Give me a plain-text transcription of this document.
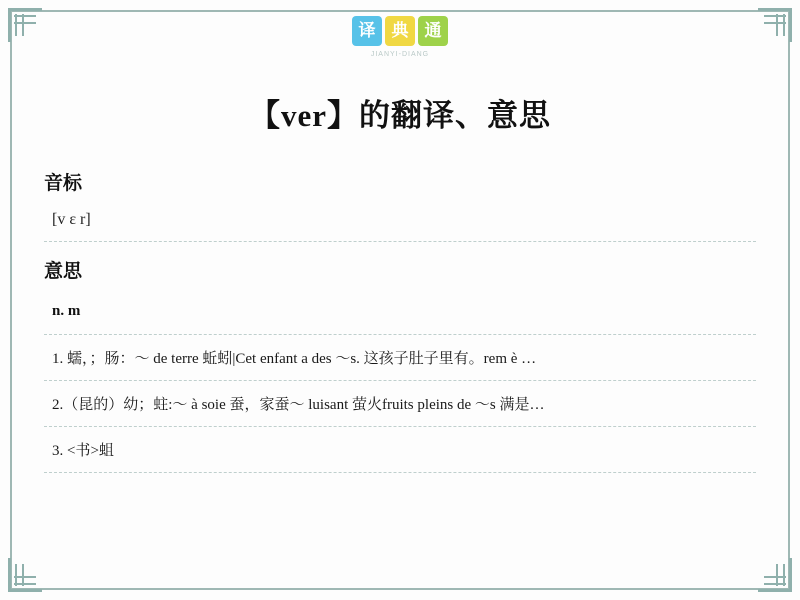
译 典 通
JIANYI-DIANG
【ver】的翻译、意思
音标
[v ɛ r]
意思
n. m
1. 蠕，；肠：～ de terre 蚯蚓|Cet enfant a des ～s. 这孩子肚子里有。rem è …
2.（昆的）幼；蛀:～ à soie 蚕，家蚕～ luisant 萤火fruits pleins de ～s 满是…
3. <书>蛆
